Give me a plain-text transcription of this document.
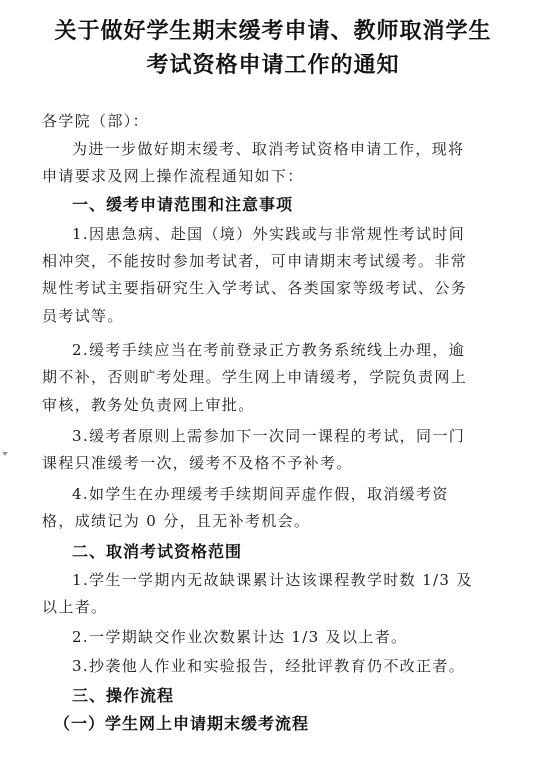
关于做好学生期末缓考申请、教师取消学生
考试资格申请工作的通知
各学院（部）：
为进一步做好期末缓考、取消考试资格申请工作，现将
申请要求及网上操作流程通知如下：
一、缓考申请范围和注意事项
1.因患急病、赴国（境）外实践或与非常规性考试时间
相冲突，不能按时参加考试者，可申请期末考试缓考。非常
规性考试主要指研究生入学考试、各类国家等级考试、公务
员考试等。
2.缓考手续应当在考前登录正方教务系统线上办理，逾
期不补，否则旷考处理。学生网上申请缓考，学院负责网上
审核，教务处负责网上审批。
3.缓考者原则上需参加下一次同一课程的考试，同一门
课程只准缓考一次，缓考不及格不予补考。
4.如学生在办理缓考手续期间弄虚作假，取消缓考资
格，成绩记为 0 分，且无补考机会。
二、取消考试资格范围
1.学生一学期内无故缺课累计达该课程教学时数 1/3 及
以上者。
2.一学期缺交作业次数累计达 1/3 及以上者。
3.抄袭他人作业和实验报告，经批评教育仍不改正者。
三、操作流程
（一）学生网上申请期末缓考流程
